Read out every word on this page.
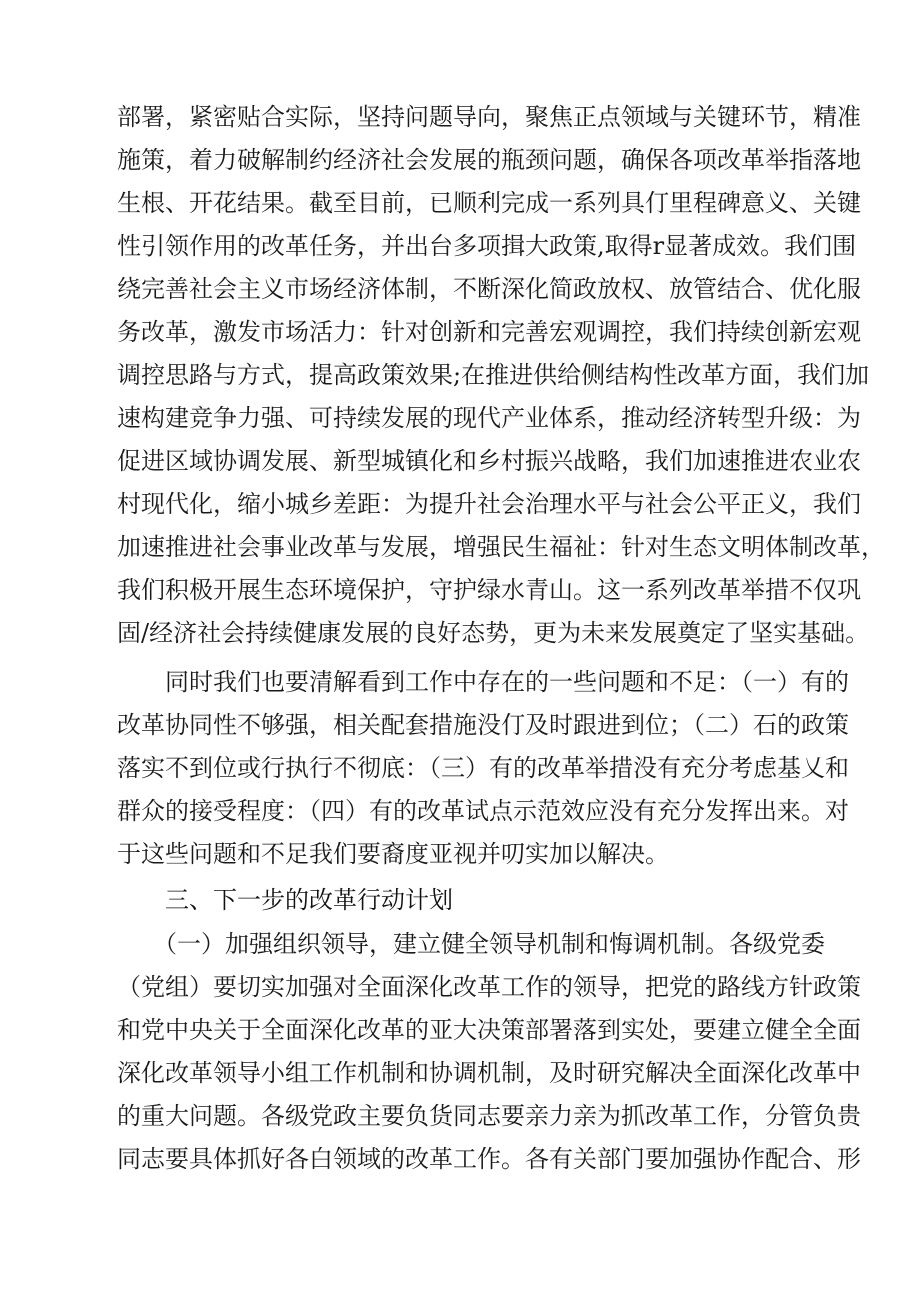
部署，紧密贴合实际，坚持问题导向，聚焦正点领域与关键环节，精准
施策，着力破解制约经济社会发展的瓶颈问题，确保各项改革举指落地
生根、开花结果。截至目前，已顺利完成一系列具仃里程碑意义、关键
性引领作用的改革任务，并出台多项揖大政策,取得r显著成效。我们围
绕完善社会主义市场经济体制，不断深化简政放权、放管结合、优化服
务改革，激发市场活力：针对创新和完善宏观调控，我们持续创新宏观
调控思路与方式，提高政策效果;在推进供给侧结构性改革方面，我们加
速构建竞争力强、可持续发展的现代产业体系，推动经济转型升级：为
促进区域协调发展、新型城镇化和乡村振兴战略，我们加速推进农业农
村现代化，缩小城乡差距：为提升社会治理水平与社会公平正义，我们
加速推进社会事业改革与发展，增强民生福祉：针对生态文明体制改革，
我们积极开展生态环境保护，守护绿水青山。这一系列改革举措不仅巩
固/经济社会持续健康发展的良好态势，更为未来发展奠定了坚实基础。
　　同时我们也要清解看到工作中存在的一些问题和不足：（一）有的
改革协同性不够强，相关配套措施没仃及时跟进到位；（二）石的政策
落实不到位或行执行不彻底：（三）有的改革举措没有充分考虑基乂和
群众的接受程度：（四）有的改革试点示范效应没有充分发挥出来。对
于这些问题和不足我们要裔度亚视并叨实加以解决。
　　三、下一步的改革行动计划
　　（一）加强组织领导，建立健全领导机制和悔调机制。各级党委
（党组）要切实加强对全面深化改革工作的领导，把党的路线方针政策
和党中央关于全面深化改革的亚大决策部署落到实处，要建立健全全面
深化改革领导小组工作机制和协调机制，及时研究解决全面深化改革中
的重大问题。各级党政主要负货同志要亲力亲为抓改革工作，分管负贵
同志要具体抓好各白领域的改革工作。各有关部门要加强协作配合、形
